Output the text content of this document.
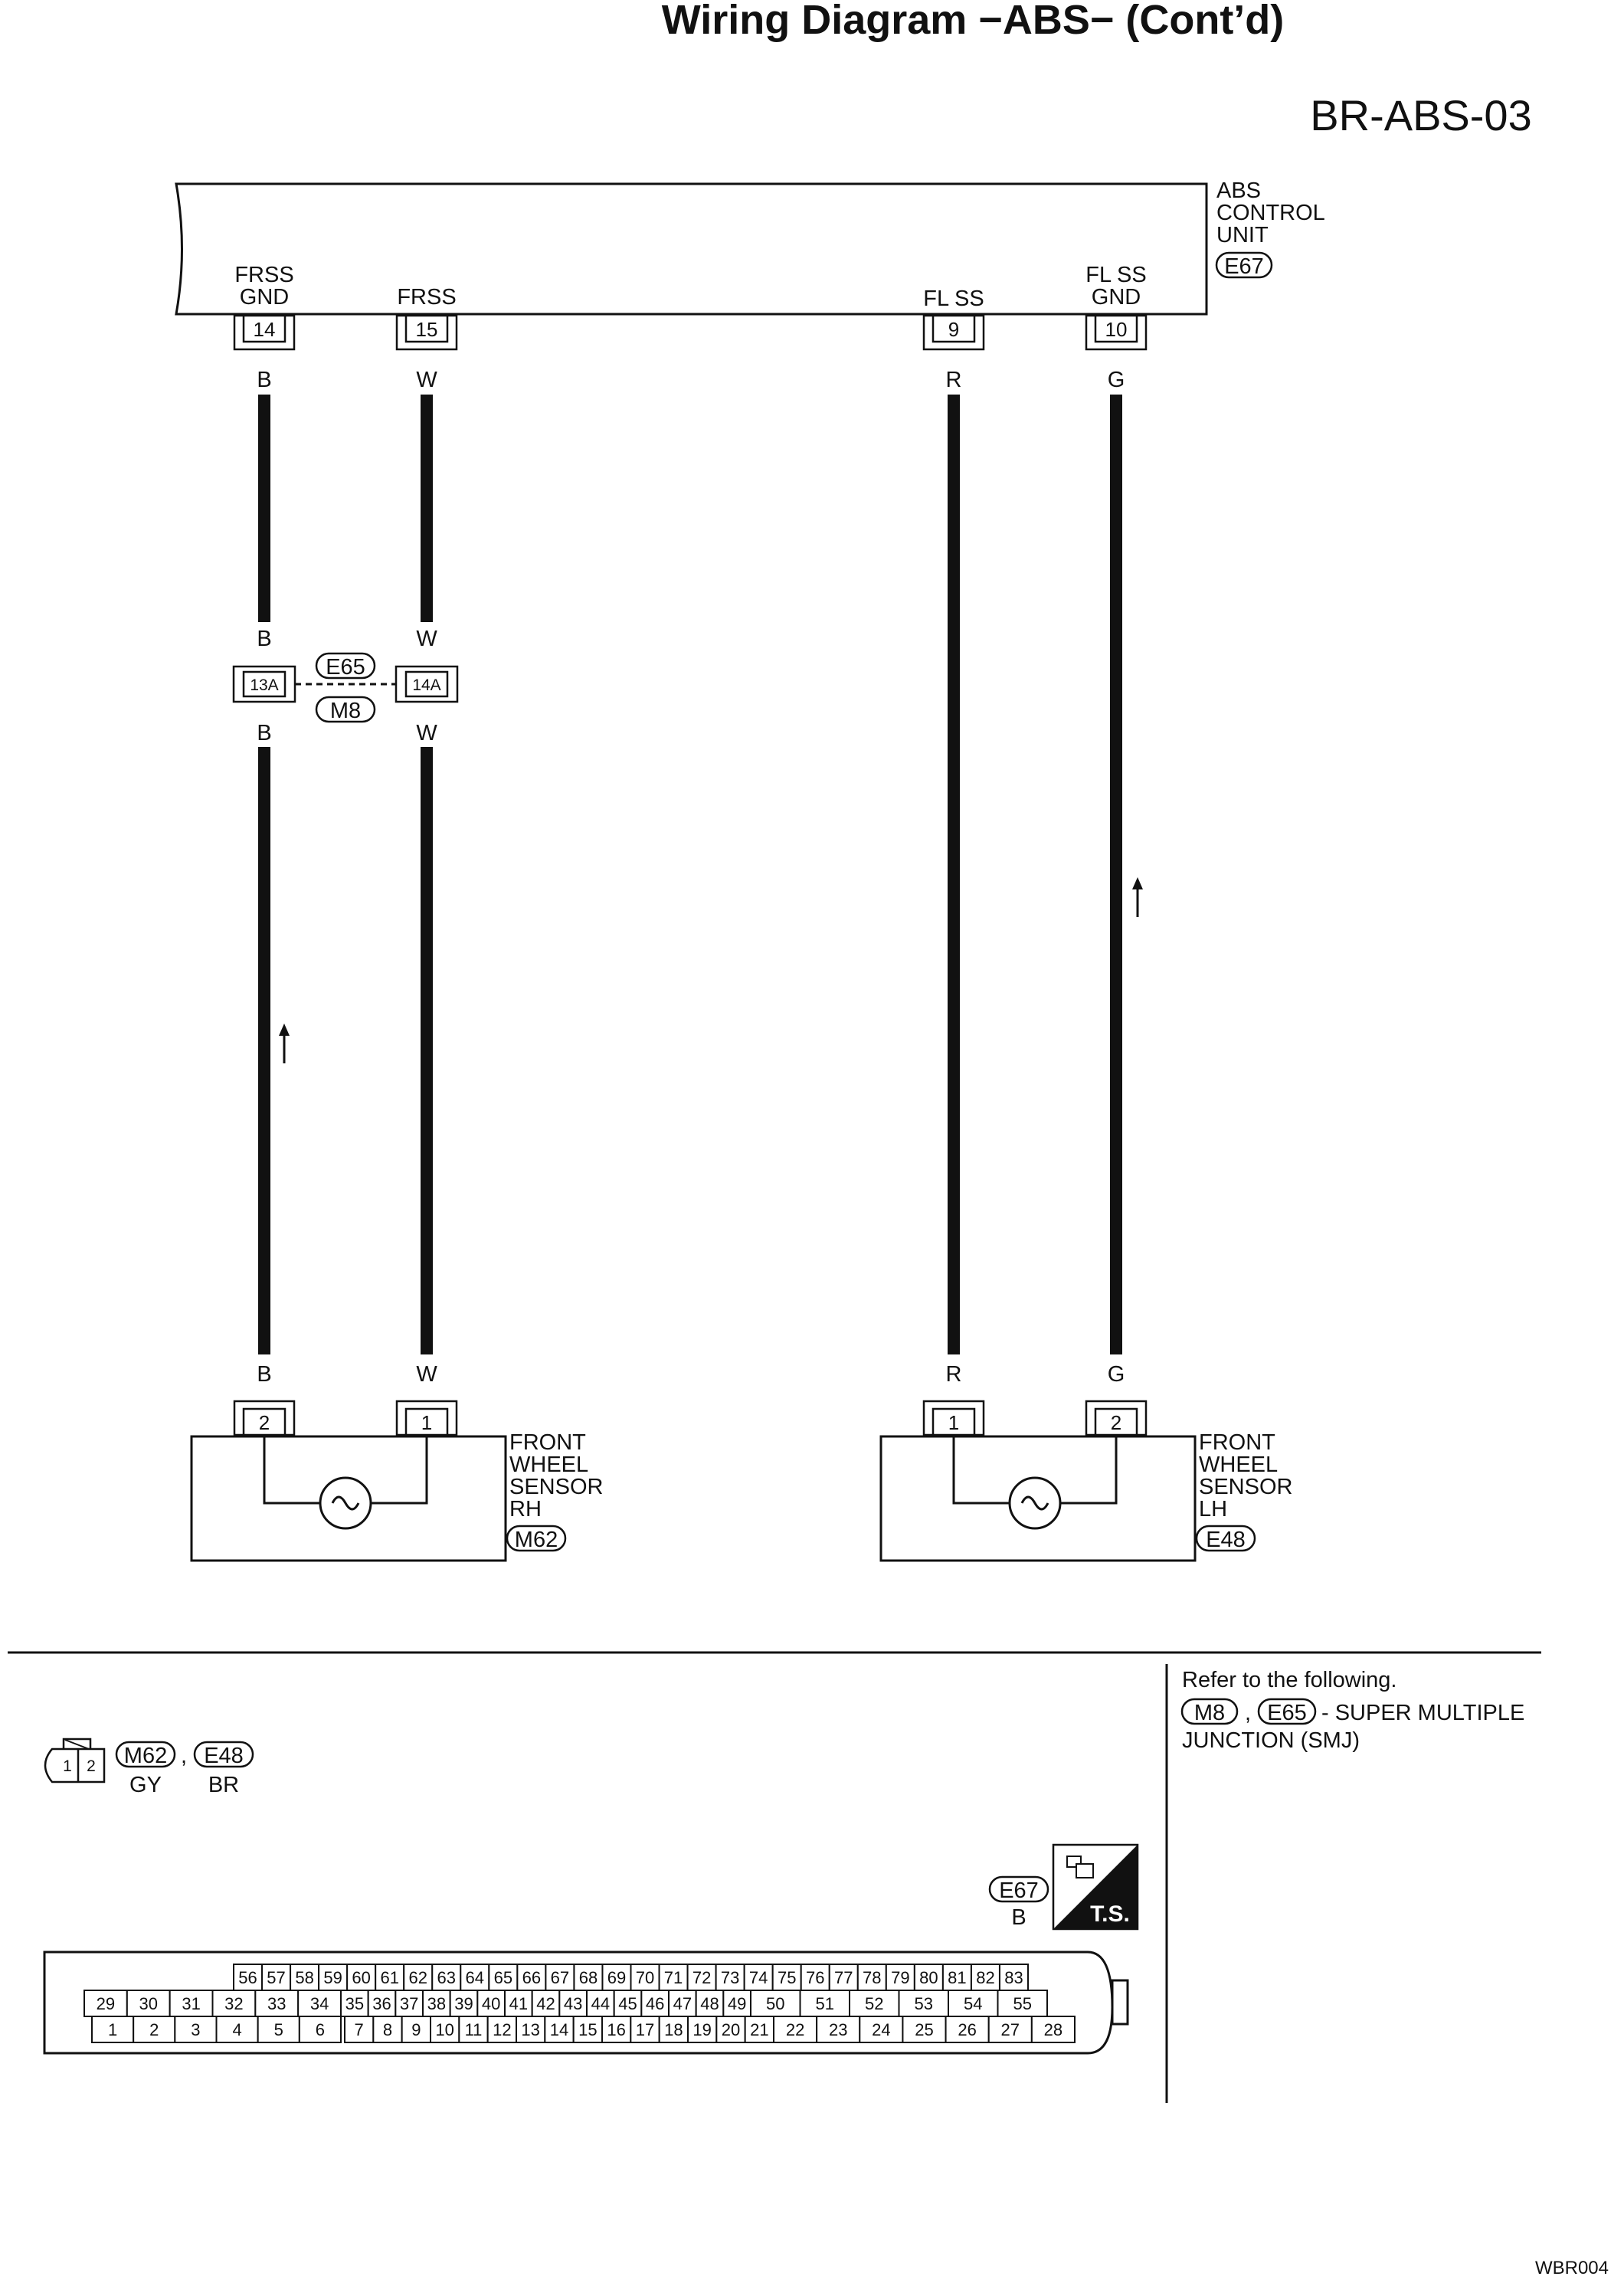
Wiring Diagram −ABS− (Cont’d)
BR-ABS-03
ABS
CONTROL
UNIT
E67
FRSS
GND	FRSS	FL SS
FL SS
GND
14	15	9	10
B	W	R	G
B	W
13A	14A
E65
M8
B	W
B	W	R	G
2	1
FRONT
WHEEL
SENSOR
RH
M62
1	2
FRONT
WHEEL
SENSOR
LH
E48
1 2 M62
GY
, E48
BR
E67
B	T.S.
56 57 58 59 60 61 62 63 64 65 66 67 68 69 70 71 72 73 74 75 76 77 78 79 80 81 82 83
29 30 31 32 33 34 35 36 37 38 39 40 41 42 43 44 45 46 47 48 49 50 51 52 53 54 55
1 2 3 4 5 6 7 8 9 10 11 12 13 14 15 16 17 18 19 20 21 22 23 24 25 26 27 28
Refer to the following.
M8 , E65 - SUPER MULTIPLE
JUNCTION (SMJ)
WBR004
